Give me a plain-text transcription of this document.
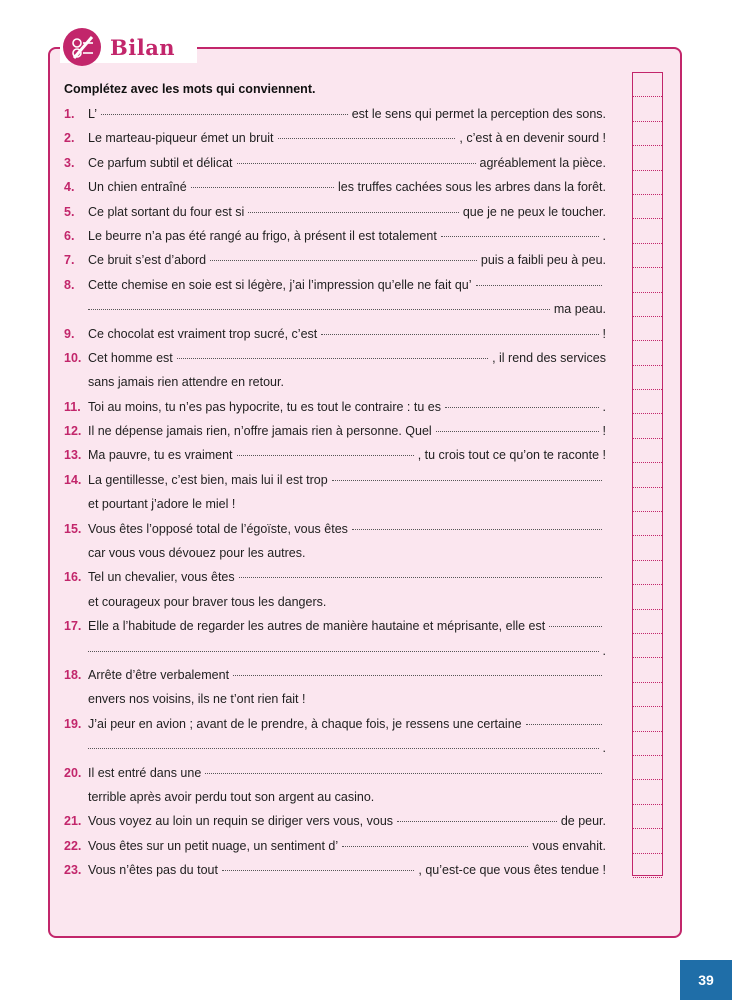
Bilan
Complétez avec les mots qui conviennent.
1.	L’	est le sens qui permet la perception des sons.
2.	Le marteau-piqueur émet un bruit	, c’est à en devenir sourd !
3.	Ce parfum subtil et délicat	agréablement la pièce.
4.	Un chien entraîné	les truffes cachées sous les arbres dans la forêt.
5.	Ce plat sortant du four est si	que je ne peux le toucher.
6.	Le beurre n’a pas été rangé au frigo, à présent il est totalement	.
7.	Ce bruit s’est d’abord	puis a faibli peu à peu.
8.	Cette chemise en soie est si légère, j’ai l’impression qu’elle ne fait qu’
ma peau.
9.	Ce chocolat est vraiment trop sucré, c’est	!
10. Cet homme est	, il rend des services
sans jamais rien attendre en retour.
11. Toi au moins, tu n’es pas hypocrite, tu es tout le contraire : tu es	.
12. Il ne dépense jamais rien, n’offre jamais rien à personne. Quel	!
13. Ma pauvre, tu es vraiment	, tu crois tout ce qu’on te raconte !
14. La gentillesse, c’est bien, mais lui il est trop
et pourtant j’adore le miel !
15. Vous êtes l’opposé total de l’égoïste, vous êtes
car vous vous dévouez pour les autres.
16. Tel un chevalier, vous êtes
et courageux pour braver tous les dangers.
17. Elle a l’habitude de regarder les autres de manière hautaine et méprisante, elle est
.
18. Arrête d’être verbalement
envers nos voisins, ils ne t’ont rien fait !
19. J’ai peur en avion ; avant de le prendre, à chaque fois, je ressens une certaine
.
20. Il est entré dans une
terrible après avoir perdu tout son argent au casino.
21. Vous voyez au loin un requin se diriger vers vous, vous	de peur.
22. Vous êtes sur un petit nuage, un sentiment d’	vous envahit.
23. Vous n’êtes pas du tout	, qu’est-ce que vous êtes tendue !
39
